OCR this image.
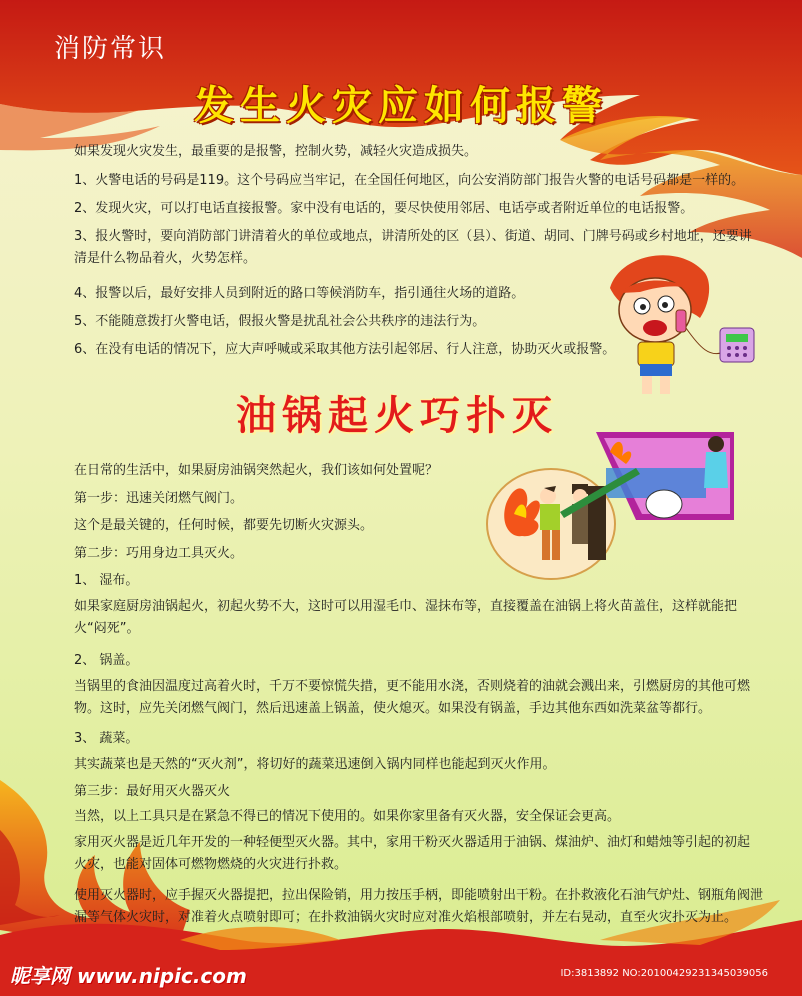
消防常识
发生火灾应如何报警
如果发现火灾发生，最重要的是报警，控制火势，减轻火灾造成损失。
1、火警电话的号码是119。这个号码应当牢记，在全国任何地区，向公安消防部门报告火警的电话号码都是一样的。
2、发现火灾，可以打电话直接报警。家中没有电话的，要尽快使用邻居、电话亭或者附近单位的电话报警。
3、报火警时，要向消防部门讲清着火的单位或地点，讲清所处的区（县）、街道、胡同、门牌号码或乡村地址，还要讲清是什么物品着火，火势怎样。
4、报警以后，最好安排人员到附近的路口等候消防车，指引通往火场的道路。
5、不能随意拨打火警电话，假报火警是扰乱社会公共秩序的违法行为。
6、在没有电话的情况下，应大声呼喊或采取其他方法引起邻居、行人注意，协助灭火或报警。
油锅起火巧扑灭
在日常的生活中，如果厨房油锅突然起火，我们该如何处置呢？
第一步：迅速关闭燃气阀门。
这个是最关键的，任何时候，都要先切断火灾源头。
第二步：巧用身边工具灭火。
1、 湿布。
如果家庭厨房油锅起火，初起火势不大，这时可以用湿毛巾、湿抹布等，直接覆盖在油锅上将火苗盖住，这样就能把火“闷死”。
2、 锅盖。
当锅里的食油因温度过高着火时，千万不要惊慌失措，更不能用水浇，否则烧着的油就会溅出来，引燃厨房的其他可燃物。这时，应先关闭燃气阀门，然后迅速盖上锅盖，使火熄灭。如果没有锅盖，手边其他东西如洗菜盆等都行。
3、 蔬菜。
其实蔬菜也是天然的“灭火剂”，将切好的蔬菜迅速倒入锅内同样也能起到灭火作用。
第三步：最好用灭火器灭火
当然，以上工具只是在紧急不得已的情况下使用的。如果你家里备有灭火器，安全保证会更高。
家用灭火器是近几年开发的一种轻便型灭火器。其中，家用干粉灭火器适用于油锅、煤油炉、油灯和蜡烛等引起的初起火灾，也能对固体可燃物燃烧的火灾进行扑救。
使用灭火器时，应手握灭火器提把，拉出保险销，用力按压手柄，即能喷射出干粉。在扑救液化石油气炉灶、钢瓶角阀泄漏等气体火灾时，对准着火点喷射即可；在扑救油锅火灾时应对准火焰根部喷射，并左右晃动，直至火灾扑灭为止。
昵享网 www.nipic.com	ID:3813892 NO:20100429231345039056
